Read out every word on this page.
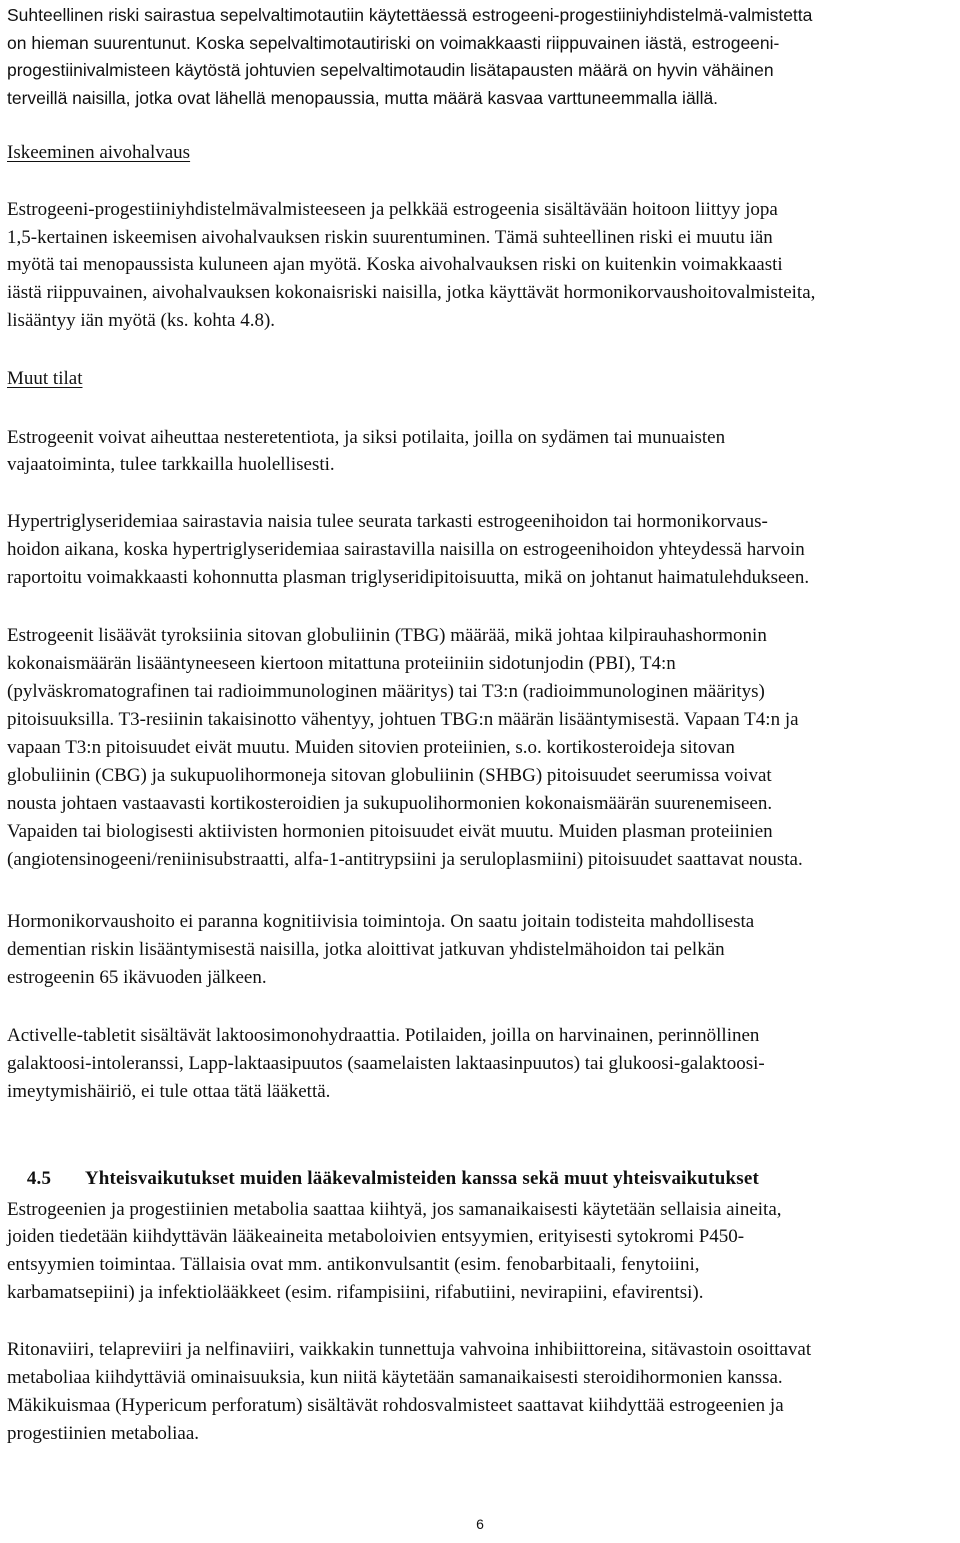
Suhteellinen riski sairastua sepelvaltimotautiin käytettäessä estrogeeni-progestiiniyhdistelmä-valmistetta
on hieman suurentunut. Koska sepelvaltimotautiriski on voimakkaasti riippuvainen iästä, estrogeeni-
progestiinivalmisteen käytöstä johtuvien sepelvaltimotaudin lisätapausten määrä on hyvin vähäinen
terveillä naisilla, jotka ovat lähellä menopaussia, mutta määrä kasvaa varttuneemmalla iällä.
Iskeeminen aivohalvaus
Estrogeeni-progestiiniyhdistelmävalmisteeseen ja pelkkää estrogeenia sisältävään hoitoon liittyy jopa
1,5-kertainen iskeemisen aivohalvauksen riskin suurentuminen. Tämä suhteellinen riski ei muutu iän
myötä tai menopaussista kuluneen ajan myötä. Koska aivohalvauksen riski on kuitenkin voimakkaasti
iästä riippuvainen, aivohalvauksen kokonaisriski naisilla, jotka käyttävät hormonikorvaushoitovalmisteita,
lisääntyy iän myötä (ks. kohta 4.8).
Muut tilat
Estrogeenit voivat aiheuttaa nesteretentiota, ja siksi potilaita, joilla on sydämen tai munuaisten
vajaatoiminta, tulee tarkkailla huolellisesti.
Hypertriglyseridemiaa sairastavia naisia tulee seurata tarkasti estrogeenihoidon tai hormonikorvaus-
hoidon aikana, koska hypertriglyseridemiaa sairastavilla naisilla on estrogeenihoidon yhteydessä harvoin
raportoitu voimakkaasti kohonnutta plasman triglyseridipitoisuutta, mikä on johtanut haimatulehdukseen.
Estrogeenit lisäävät tyroksiinia sitovan globuliinin (TBG) määrää, mikä johtaa kilpirauhashormonin
kokonaismäärän lisääntyneeseen kiertoon mitattuna proteiiniin sidotunjodin (PBI), T4:n
(pylväskromatografinen tai radioimmunologinen määritys) tai T3:n (radioimmunologinen määritys)
pitoisuuksilla. T3-resiinin takaisinotto vähentyy, johtuen TBG:n määrän lisääntymisestä. Vapaan T4:n ja
vapaan T3:n pitoisuudet eivät muutu. Muiden sitovien proteiinien, s.o. kortikosteroideja sitovan
globuliinin (CBG) ja sukupuolihormoneja sitovan globuliinin (SHBG) pitoisuudet seerumissa voivat
nousta johtaen vastaavasti kortikosteroidien ja sukupuolihormonien kokonaismäärän suurenemiseen.
Vapaiden tai biologisesti aktiivisten hormonien pitoisuudet eivät muutu. Muiden plasman proteiinien
(angiotensinogeeni/reniinisubstraatti, alfa-1-antitrypsiini ja seruloplasmiini) pitoisuudet saattavat nousta.
Hormonikorvaushoito ei paranna kognitiivisia toimintoja. On saatu joitain todisteita mahdollisesta
dementian riskin lisääntymisestä naisilla, jotka aloittivat jatkuvan yhdistelmähoidon tai pelkän
estrogeenin 65 ikävuoden jälkeen.
Activelle-tabletit sisältävät laktoosimonohydraattia. Potilaiden, joilla on harvinainen, perinnöllinen
galaktoosi-intoleranssi, Lapp-laktaasipuutos (saamelaisten laktaasinpuutos) tai glukoosi-galaktoosi-
imeytymishäiriö, ei tule ottaa tätä lääkettä.

4.5 Yhteisvaikutukset muiden lääkevalmisteiden kanssa sekä muut yhteisvaikutukset

Estrogeenien ja progestiinien metabolia saattaa kiihtyä, jos samanaikaisesti käytetään sellaisia aineita,
joiden tiedetään kiihdyttävän lääkeaineita metaboloivien entsyymien, erityisesti sytokromi P450-
entsyymien toimintaa. Tällaisia ovat mm. antikonvulsantit (esim. fenobarbitaali, fenytoiini,
karbamatsepiini) ja infektiolääkkeet (esim. rifampisiini, rifabutiini, nevirapiini, efavirentsi).
Ritonaviiri, telapreviiri ja nelfinaviiri, vaikkakin tunnettuja vahvoina inhibiittoreina, sitävastoin osoittavat
metaboliaa kiihdyttäviä ominaisuuksia, kun niitä käytetään samanaikaisesti steroidihormonien kanssa.
Mäkikuismaa (Hypericum perforatum) sisältävät rohdosvalmisteet saattavat kiihdyttää estrogeenien ja
progestiinien metaboliaa.
6
